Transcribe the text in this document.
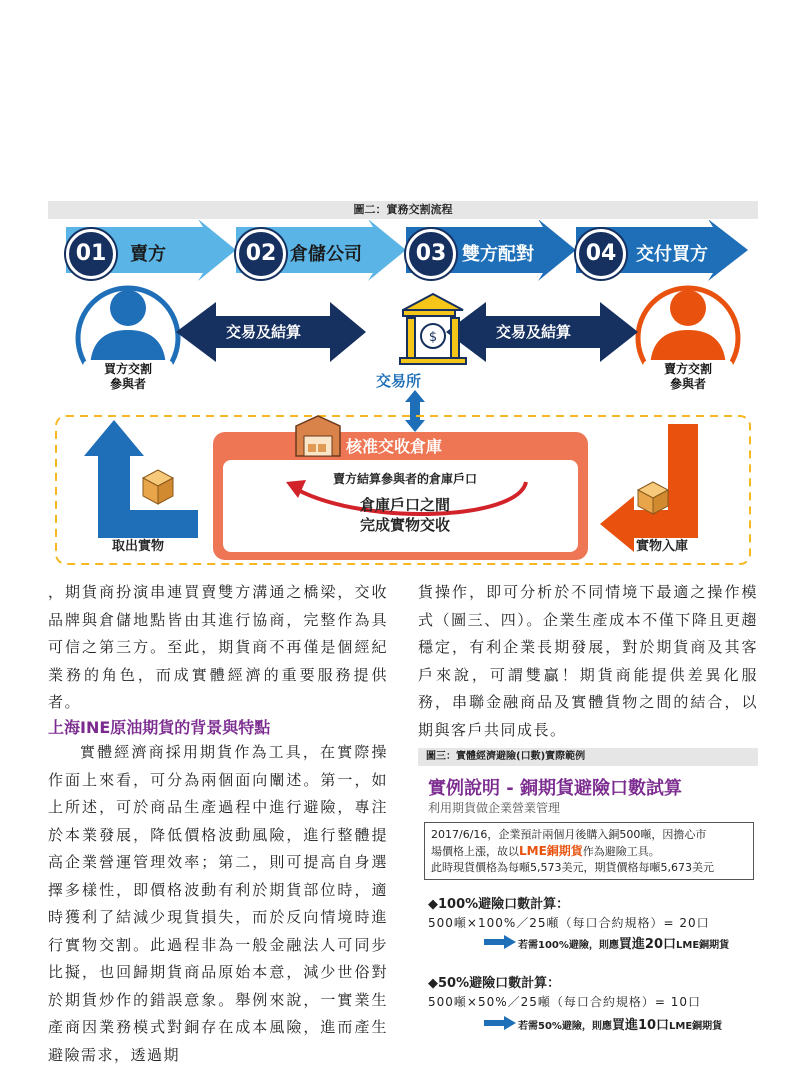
圖二：實務交割流程
$
01	賣方	02 倉儲公司	03 雙方配對	04	交付買方
買方交割
參與者
賣方交割
參與者
交易及結算	交易及結算
交易所
核准交收倉庫
賣方結算參與者的倉庫戶口
倉庫戶口之間
完成實物交收
取出實物	實物入庫
，期貨商扮演串連買賣雙方溝通之橋梁，交收品牌與倉儲地點皆由其進行協商，完整作為具可信之第三方。至此，期貨商不再僅是個經紀業務的角色，而成實體經濟的重要服務提供者。
上海INE原油期貨的背景與特點
實體經濟商採用期貨作為工具，在實際操作面上來看，可分為兩個面向闡述。第一，如上所述，可於商品生產過程中進行避險，專注於本業發展，降低價格波動風險，進行整體提高企業營運管理效率；第二，則可提高自身選擇多樣性，即價格波動有利於期貨部位時，適時獲利了結減少現貨損失，而於反向情境時進行實物交割。此過程非為一般金融法人可同步比擬，也回歸期貨商品原始本意，減少世俗對於期貨炒作的錯誤意象。舉例來說，一實業生產商因業務模式對銅存在成本風險，進而產生避險需求，透過期
貨操作，即可分析於不同情境下最適之操作模式（圖三、四）。企業生產成本不僅下降且更趨穩定，有利企業長期發展，對於期貨商及其客戶來說，可謂雙贏！期貨商能提供差異化服務，串聯金融商品及實體貨物之間的結合，以期與客戶共同成長。
圖三：實體經濟避險(口數)實際範例
實例說明 - 銅期貨避險口數試算
利用期貨做企業營業管理
2017/6/16，企業預計兩個月後購入銅500噸，因擔心市
場價格上漲，故以LME銅期貨作為避險工具。
此時現貨價格為每噸5,573美元，期貨價格每噸5,673美元
◆100%避險口數計算：
500噸×100%／25噸（每口合約規格）= 20口
若需100%避險，則應買進20口LME銅期貨
◆50%避險口數計算：
500噸×50%／25噸（每口合約規格）= 10口
若需50%避險，則應買進10口LME銅期貨
